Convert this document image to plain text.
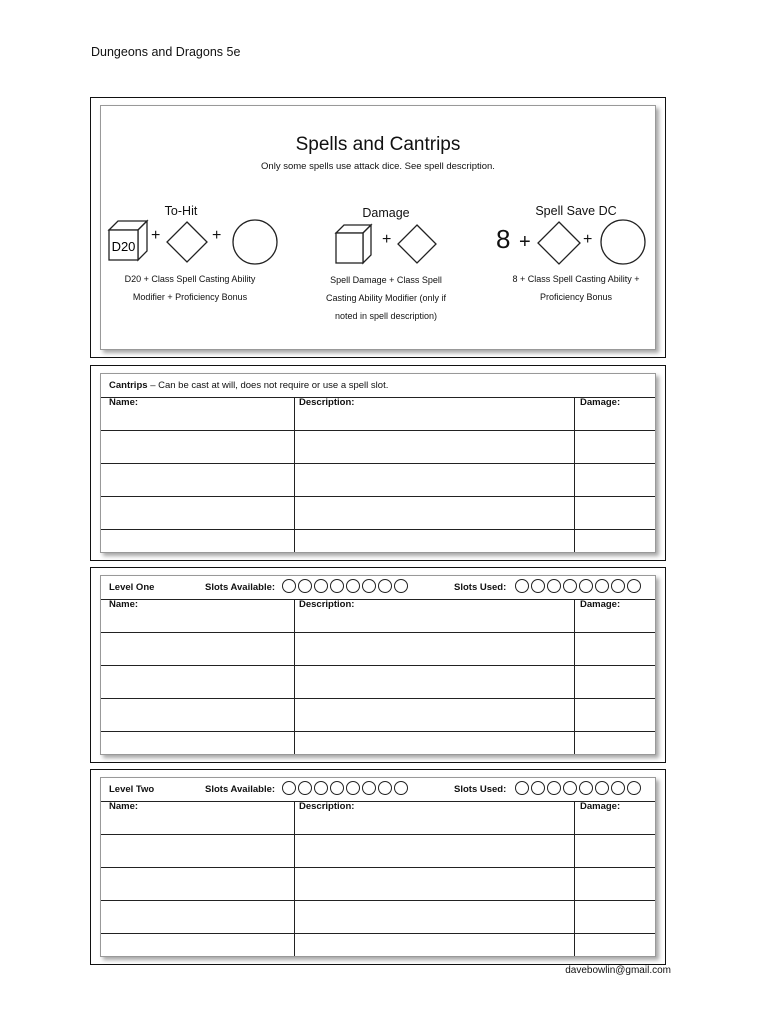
Dungeons and Dragons 5e
Spells and Cantrips
Only some spells use attack dice. See spell description.
To-Hit
D20
+	+
D20 + Class Spell Casting Ability
Modifier + Proficiency Bonus
Damage
+
Spell Damage + Class Spell
Casting Ability Modifier (only if
noted in spell description)
Spell Save DC
8 +	+
8 + Class Spell Casting Ability +
Proficiency Bonus
Cantrips – Can be cast at will, does not require or use a spell slot.
Name:	Description:	Damage:
Level One	Slots Available:	Slots Used:
Name:	Description:	Damage:
Level Two	Slots Available:	Slots Used:
Name:	Description:	Damage:
davebowlin@gmail.com
